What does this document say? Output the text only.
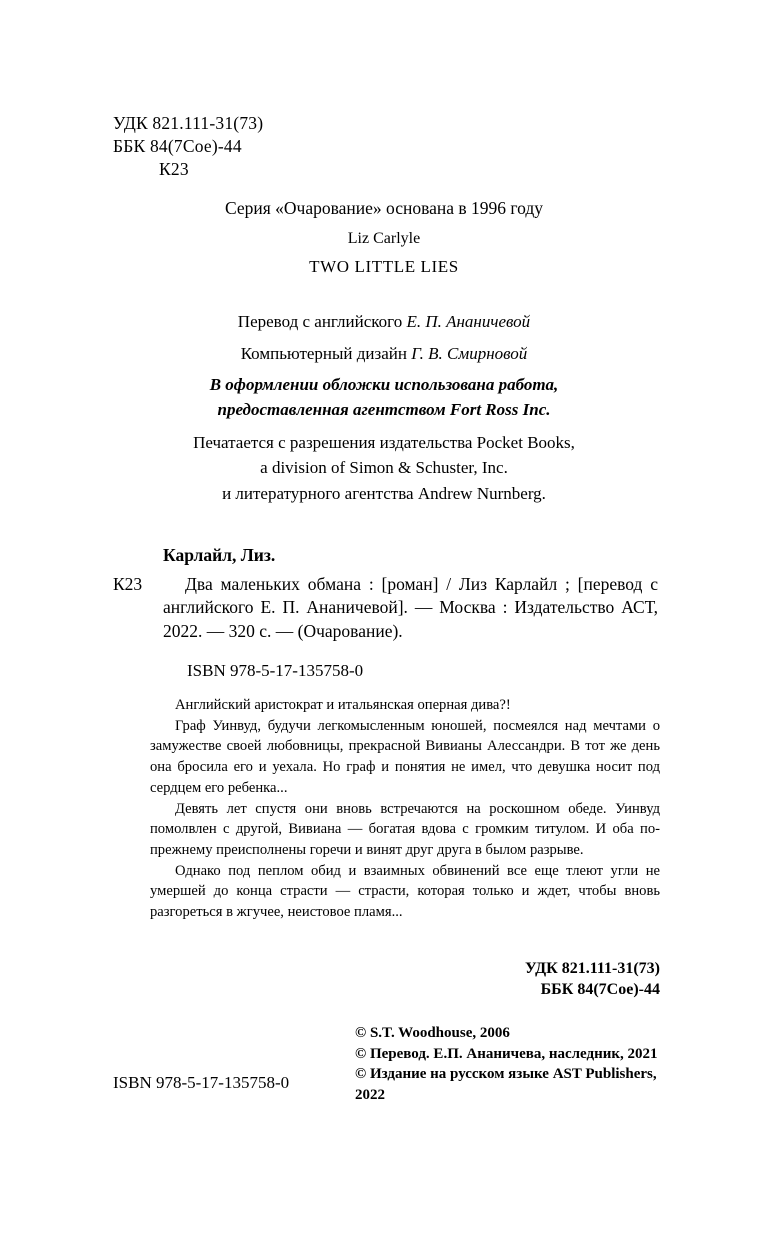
УДК 821.111-31(73)
ББК 84(7Сое)-44
К23
Серия «Очарование» основана в 1996 году
Liz Carlyle
TWO LITTLE LIES
Перевод с английского Е. П. Ананичевой
Компьютерный дизайн Г. В. Смирновой
В оформлении обложки использована работа,
предоставленная агентством Fort Ross Inc.
Печатается с разрешения издательства Pocket Books,
a division of Simon & Schuster, Inc.
и литературного агентства Andrew Nurnberg.
Карлайл, Лиз.
К23	Два маленьких обмана : [роман] / Лиз Карлайл ; [перевод с английского Е. П. Ананичевой]. — Москва : Издательство АСТ, 2022. — 320 с. — (Очарование).
ISBN 978-5-17-135758-0

Английский аристократ и итальянская оперная дива?!

Граф Уинвуд, будучи легкомысленным юношей, посмеялся над мечтами о замужестве своей любовницы, прекрасной Вивианы Алессандри. В тот же день она бросила его и уехала. Но граф и понятия не имел, что девушка носит под сердцем его ребенка...

Девять лет спустя они вновь встречаются на роскошном обеде. Уинвуд помолвлен с другой, Вивиана — богатая вдова с громким титулом. И оба по-прежнему преисполнены горечи и винят друг друга в былом разрыве.

Однако под пеплом обид и взаимных обвинений все еще тлеют угли не умершей до конца страсти — страсти, которая только и ждет, чтобы вновь разгореться в жгучее, неистовое пламя...

УДК 821.111-31(73)
ББК 84(7Сое)-44
© S.T. Woodhouse, 2006
© Перевод. Е.П. Ананичева, наследник, 2021
© Издание на русском языке AST Publishers, 2022
ISBN 978-5-17-135758-0
